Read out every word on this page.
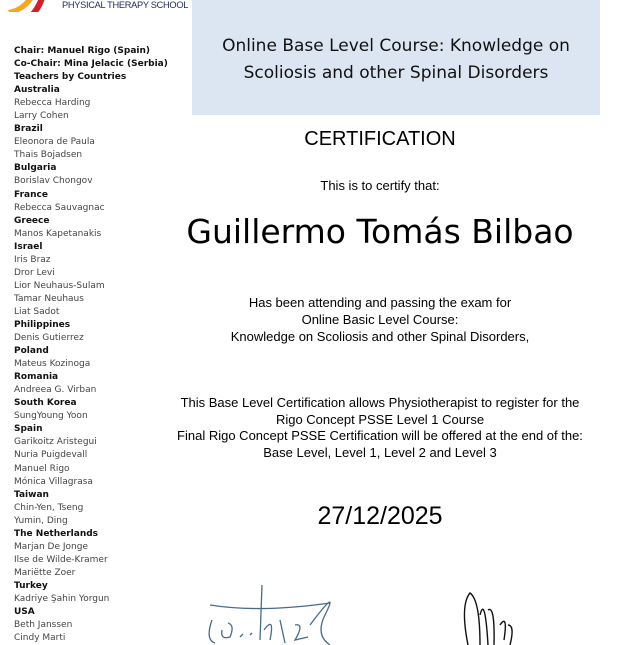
PHYSICAL THERAPY SCHOOL
Chair: Manuel Rigo (Spain)
Co-Chair: Mina Jelacic (Serbia)
Teachers by Countries
Australia
Rebecca Harding
Larry Cohen
Brazil
Eleonora de Paula
Thais Bojadsen
Bulgaria
Borislav Chongov
France
Rebecca Sauvagnac
Greece
Manos Kapetanakis
Israel
Iris Braz
Dror Levi
Lior Neuhaus-Sulam
Tamar Neuhaus
Liat Sadot
Philippines
Denis Gutierrez
Poland
Mateus Kozinoga
Romania
Andreea G. Virban
South Korea
SungYoung Yoon
Spain
Garikoitz Aristegui
Nuria Puigdevall
Manuel Rigo
Mónica Villagrasa
Taiwan
Chin-Yen, Tseng
Yumin, Ding
The Netherlands
Marjan De Jonge
Ilse de Wilde-Kramer
Mariëtte Zoer
Turkey
Kadriye Şahin Yorgun
USA
Beth Janssen
Cindy Marti
Online Base Level Course: Knowledge on
Scoliosis and other Spinal Disorders
CERTIFICATION
This is to certify that:
Guillermo Tomás Bilbao
Has been attending and passing the exam for
Online Basic Level Course:
Knowledge on Scoliosis and other Spinal Disorders,
This Base Level Certification allows Physiotherapist to register for the
Rigo Concept PSSE Level 1 Course
Final Rigo Concept PSSE Certification will be offered at the end of the:
Base Level, Level 1, Level 2 and Level 3
27/12/2025
